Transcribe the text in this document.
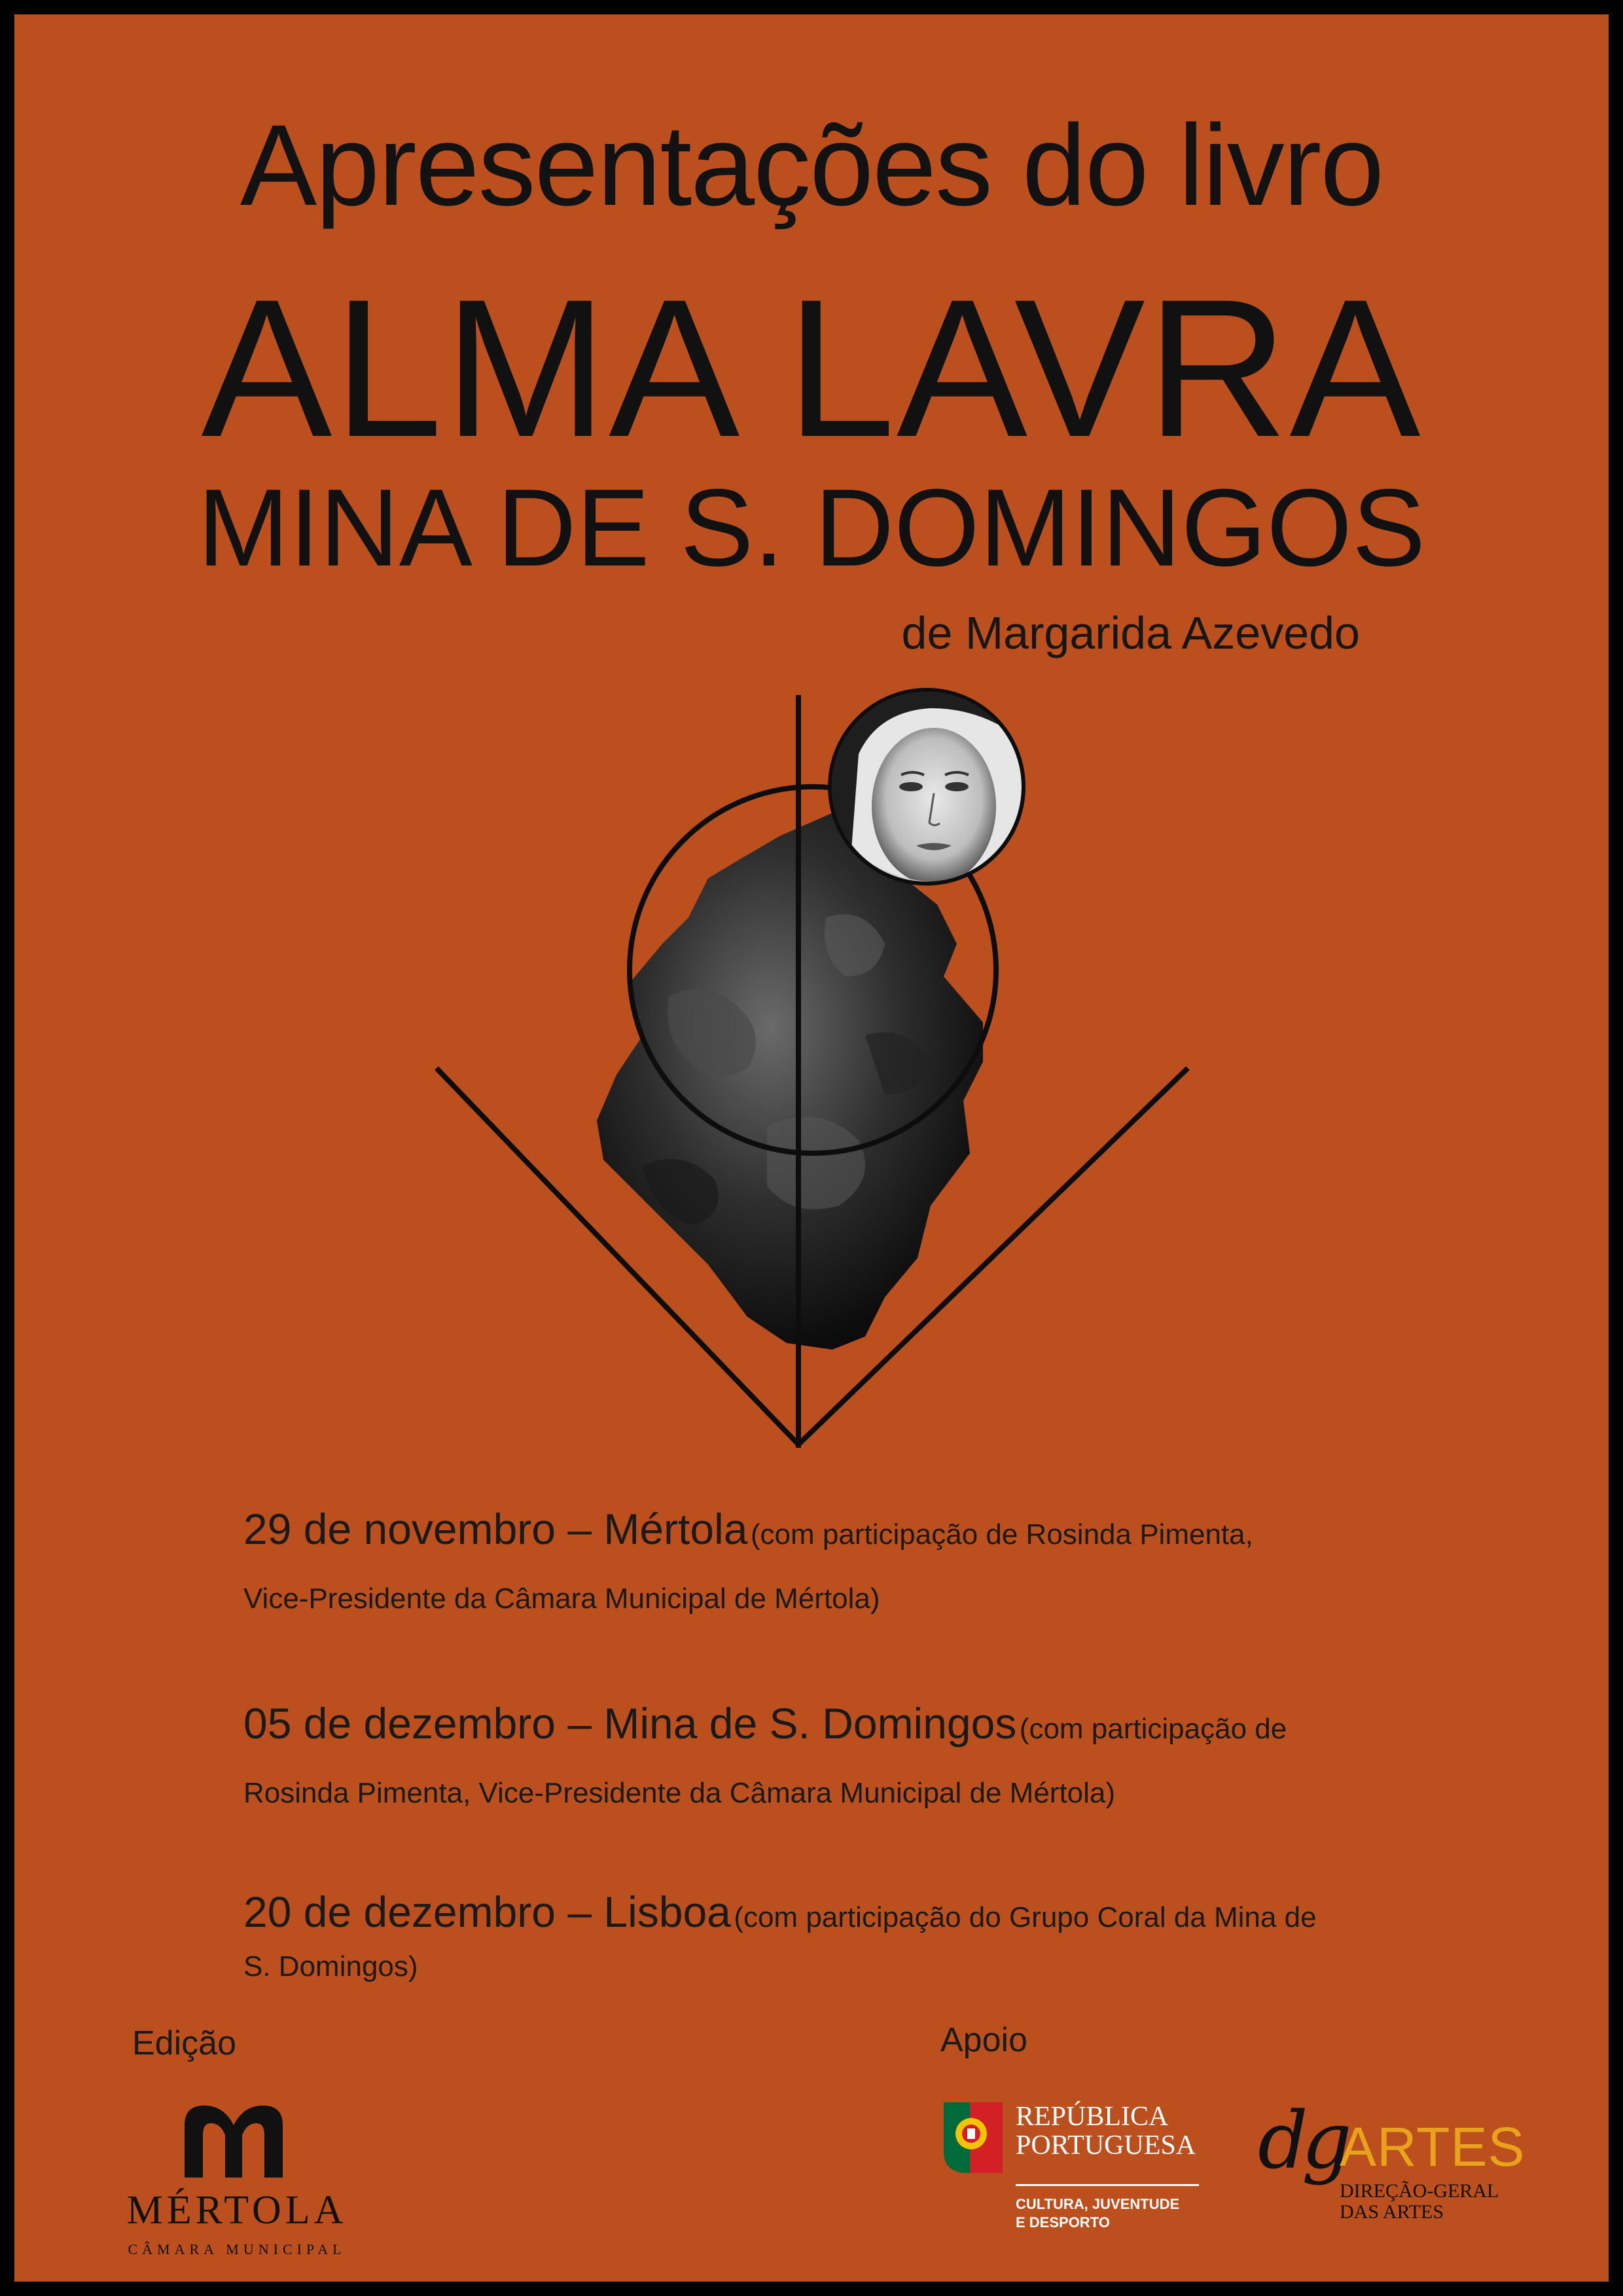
Apresentações do livro
ALMA LAVRA
MINA DE S. DOMINGOS
de Margarida Azevedo
29 de novembro – Mértola (com participação de Rosinda Pimenta,
Vice-Presidente da Câmara Municipal de Mértola)
05 de dezembro – Mina de S. Domingos (com participação de
Rosinda Pimenta, Vice-Presidente da Câmara Municipal de Mértola)
20 de dezembro – Lisboa (com participação do Grupo Coral da Mina de
S. Domingos)
Edição	Apoio
MÉRTOLA
CÂMARA MUNICIPAL
REPÚBLICA
PORTUGUESA
CULTURA, JUVENTUDE
E DESPORTO
dg
ARTES
DIREÇÃO-GERAL
DAS ARTES
